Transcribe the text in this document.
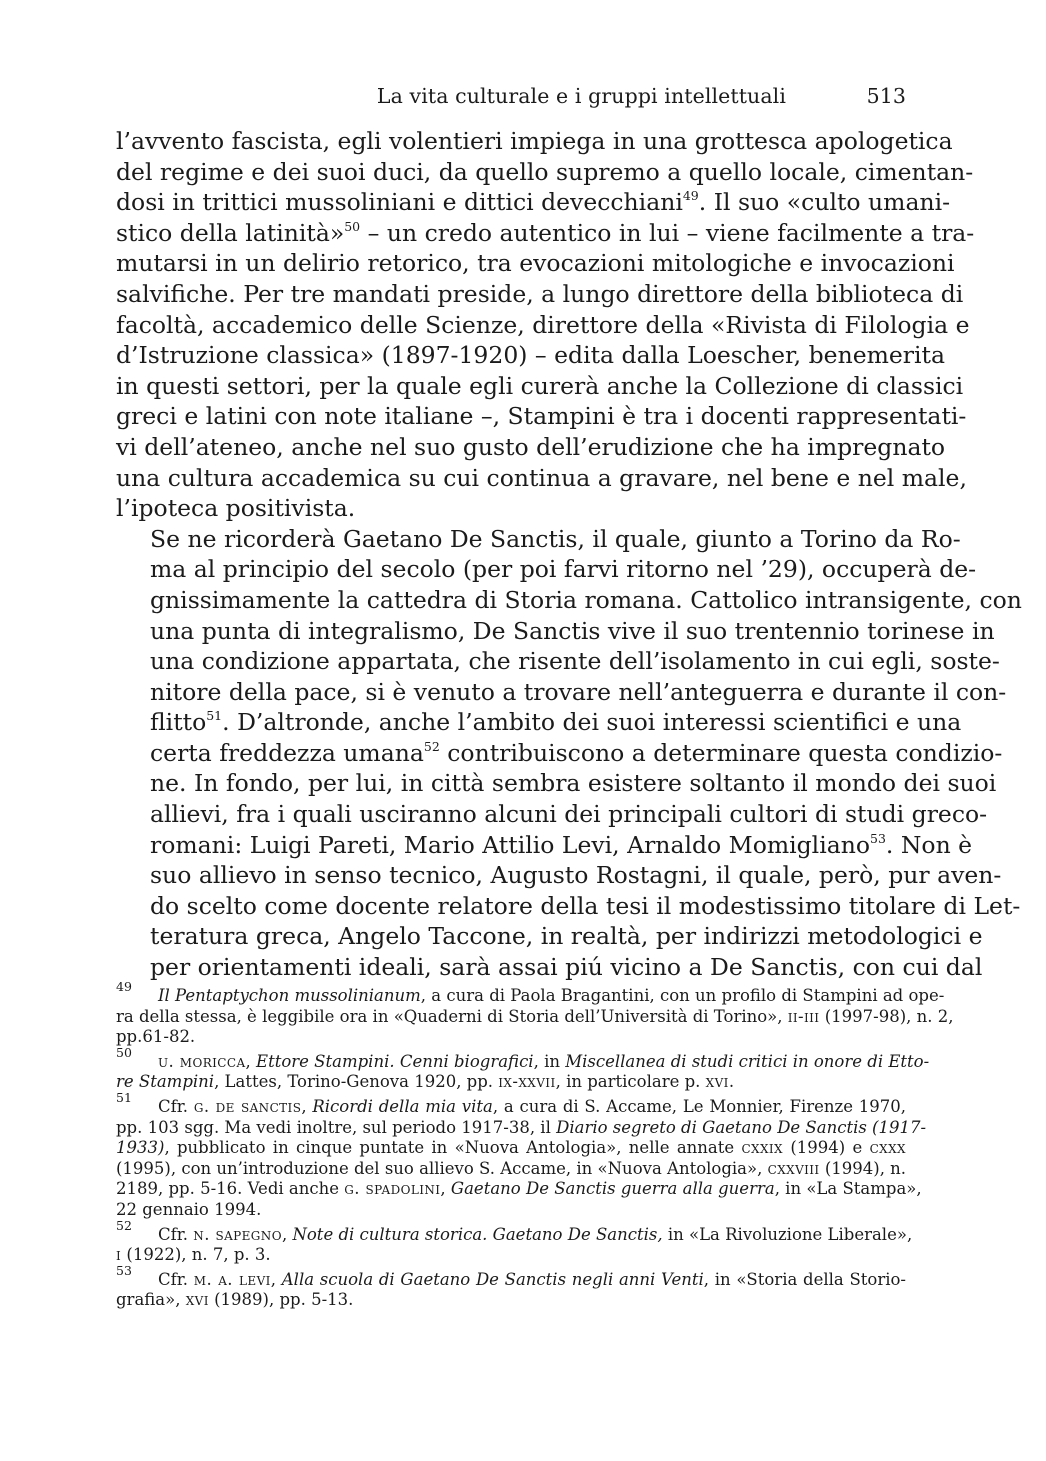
La vita culturale e i gruppi intellettuali	513

l’avvento fascista, egli volentieri impiega in una grottesca apologetica
del regime e dei suoi duci, da quello supremo a quello locale, cimentan-
dosi in trittici mussoliniani e dittici devecchiani$^{49}$. Il suo «culto umani-
stico della latinità»$^{50}$ – un credo autentico in lui – viene facilmente a tra-
mutarsi in un delirio retorico, tra evocazioni mitologiche e invocazioni
salvifiche. Per tre mandati preside, a lungo direttore della biblioteca di
facoltà, accademico delle Scienze, direttore della «Rivista di Filologia e
d’Istruzione classica» (1897-1920) – edita dalla Loescher, benemerita
in questi settori, per la quale egli curerà anche la Collezione di classici
greci e latini con note italiane –, Stampini è tra i docenti rappresentati-
vi dell’ateneo, anche nel suo gusto dell’erudizione che ha impregnato
una cultura accademica su cui continua a gravare, nel bene e nel male,
l’ipoteca positivista.

Se ne ricorderà Gaetano De Sanctis, il quale, giunto a Torino da Ro-
ma al principio del secolo (per poi farvi ritorno nel ’29), occuperà de-
gnissimamente la cattedra di Storia romana. Cattolico intransigente, con
una punta di integralismo, De Sanctis vive il suo trentennio torinese in
una condizione appartata, che risente dell’isolamento in cui egli, soste-
nitore della pace, si è venuto a trovare nell’anteguerra e durante il con-
flitto$^{51}$. D’altronde, anche l’ambito dei suoi interessi scientifici e una
certa freddezza umana$^{52}$ contribuiscono a determinare questa condizio-
ne. In fondo, per lui, in città sembra esistere soltanto il mondo dei suoi
allievi, fra i quali usciranno alcuni dei principali cultori di studi greco-
romani: Luigi Pareti, Mario Attilio Levi, Arnaldo Momigliano$^{53}$. Non è
suo allievo in senso tecnico, Augusto Rostagni, il quale, però, pur aven-
do scelto come docente relatore della tesi il modestissimo titolare di Let-
teratura greca, Angelo Taccone, in realtà, per indirizzi metodologici e
per orientamenti ideali, sarà assai piú vicino a De Sanctis, con cui dal

$^{49}$ Il Pentaptychon mussolinianum, a cura di Paola Bragantini, con un profilo di Stampini ad ope-
ra della stessa, è leggibile ora in «Quaderni di Storia dell’Università di Torino», ii-iii (1997-98), n. 2,
pp.61-82.
$^{50}$ u. moricca, Ettore Stampini. Cenni biografici, in Miscellanea di studi critici in onore di Etto-
re Stampini, Lattes, Torino-Genova 1920, pp. ix-xxvii, in particolare p. xvi.
$^{51}$ Cfr. g. de sanctis, Ricordi della mia vita, a cura di S. Accame, Le Monnier, Firenze 1970,
pp. 103 sgg. Ma vedi inoltre, sul periodo 1917-38, il Diario segreto di Gaetano De Sanctis (1917-
1933), pubblicato in cinque puntate in «Nuova Antologia», nelle annate cxxix (1994) e cxxx
(1995), con un’introduzione del suo allievo S. Accame, in «Nuova Antologia», cxxviii (1994), n.
2189, pp. 5-16. Vedi anche g. spadolini, Gaetano De Sanctis guerra alla guerra, in «La Stampa»,
22 gennaio 1994.
$^{52}$ Cfr. n. sapegno, Note di cultura storica. Gaetano De Sanctis, in «La Rivoluzione Liberale»,
i (1922), n. 7, p. 3.
$^{53}$ Cfr. m. a. levi, Alla scuola di Gaetano De Sanctis negli anni Venti, in «Storia della Storio-
grafia», xvi (1989), pp. 5-13.
